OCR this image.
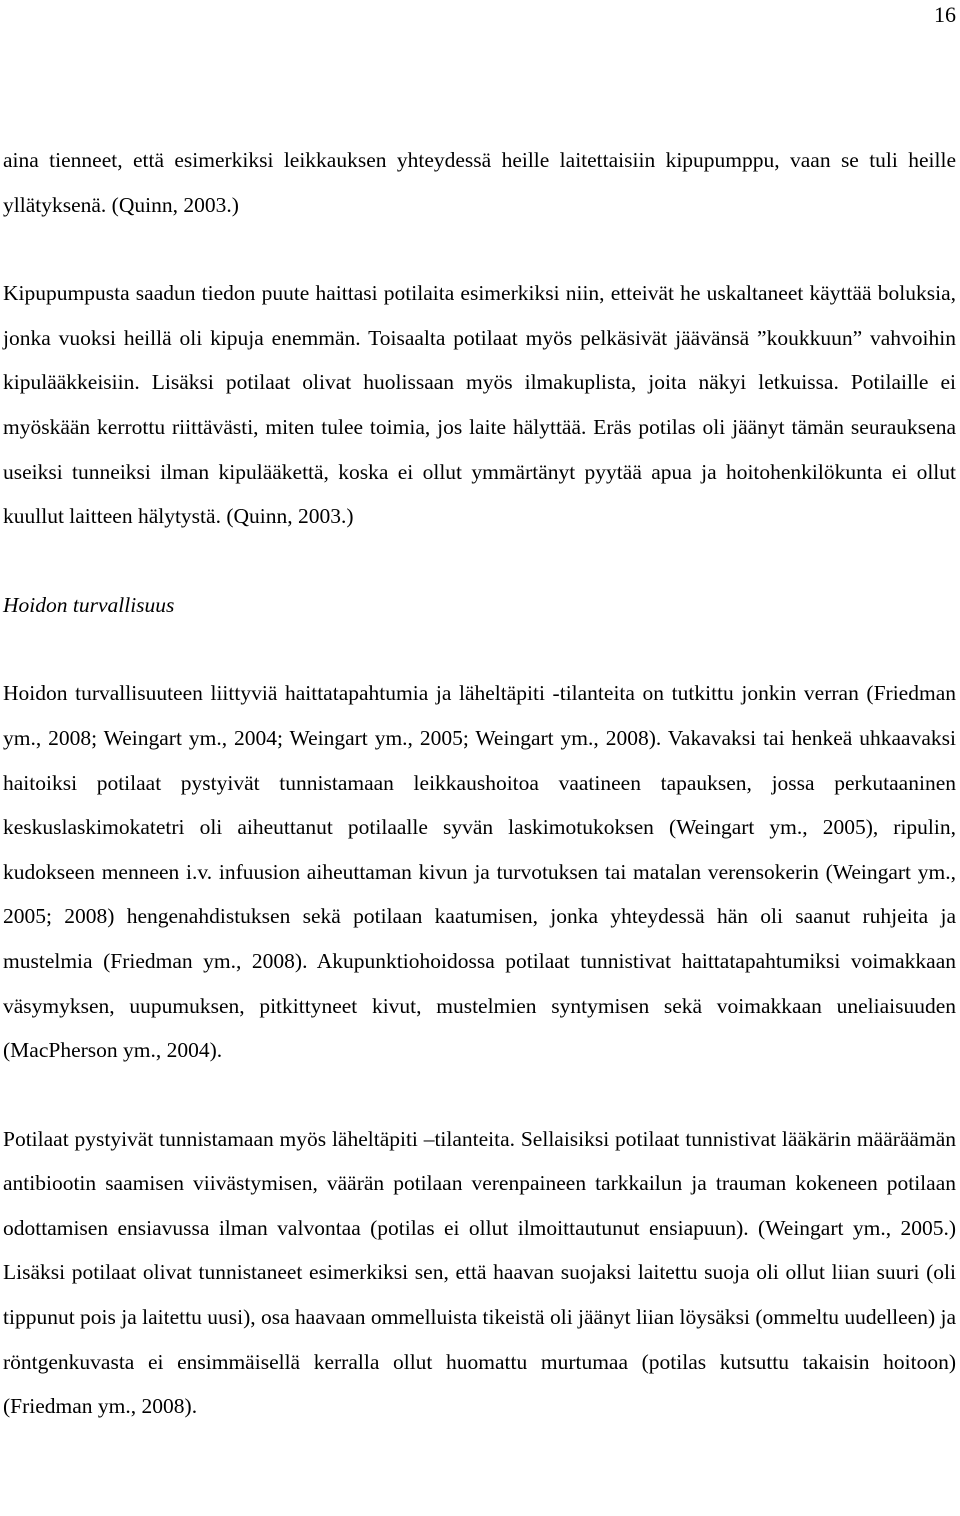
16

aina tienneet, että esimerkiksi leikkauksen yhteydessä heille laitettaisiin kipupumppu, vaan se tuli heille yllätyksenä. (Quinn, 2003.)

Kipupumpusta saadun tiedon puute haittasi potilaita esimerkiksi niin, etteivät he uskaltaneet käyttää boluksia, jonka vuoksi heillä oli kipuja enemmän. Toisaalta potilaat myös pelkäsivät jäävänsä ”koukkuun” vahvoihin kipulääkkeisiin. Lisäksi potilaat olivat huolissaan myös ilmakuplista, joita näkyi letkuissa. Potilaille ei myöskään kerrottu riittävästi, miten tulee toimia, jos laite hälyttää. Eräs potilas oli jäänyt tämän seurauksena useiksi tunneiksi ilman kipulääkettä, koska ei ollut ymmärtänyt pyytää apua ja hoitohenkilökunta ei ollut kuullut laitteen hälytystä. (Quinn, 2003.)

Hoidon turvallisuus

Hoidon turvallisuuteen liittyviä haittatapahtumia ja läheltäpiti -tilanteita on tutkittu jonkin verran (Friedman ym., 2008; Weingart ym., 2004; Weingart ym., 2005; Weingart ym., 2008). Vakavaksi tai henkeä uhkaavaksi haitoiksi potilaat pystyivät tunnistamaan leikkaushoitoa vaatineen tapauksen, jossa perkutaaninen keskuslaskimokatetri oli aiheuttanut potilaalle syvän laskimotukoksen (Weingart ym., 2005), ripulin, kudokseen menneen i.v. infuusion aiheuttaman kivun ja turvotuksen tai matalan verensokerin (Weingart ym., 2005; 2008) hengenahdistuksen sekä potilaan kaatumisen, jonka yhteydessä hän oli saanut ruhjeita ja mustelmia (Friedman ym., 2008). Akupunktiohoidossa potilaat tunnistivat haittatapahtumiksi voimakkaan väsymyksen, uupumuksen, pitkittyneet kivut, mustelmien syntymisen sekä voimakkaan uneliaisuuden (MacPherson ym., 2004).

Potilaat pystyivät tunnistamaan myös läheltäpiti –tilanteita. Sellaisiksi potilaat tunnistivat lääkärin määräämän antibiootin saamisen viivästymisen, väärän potilaan verenpaineen tarkkailun ja trauman kokeneen potilaan odottamisen ensiavussa ilman valvontaa (potilas ei ollut ilmoittautunut ensiapuun). (Weingart ym., 2005.) Lisäksi potilaat olivat tunnistaneet esimerkiksi sen, että haavan suojaksi laitettu suoja oli ollut liian suuri (oli tippunut pois ja laitettu uusi), osa haavaan ommelluista tikeistä oli jäänyt liian löysäksi (ommeltu uudelleen) ja röntgenkuvasta ei ensimmäisellä kerralla ollut huomattu murtumaa (potilas kutsuttu takaisin hoitoon) (Friedman ym., 2008).
